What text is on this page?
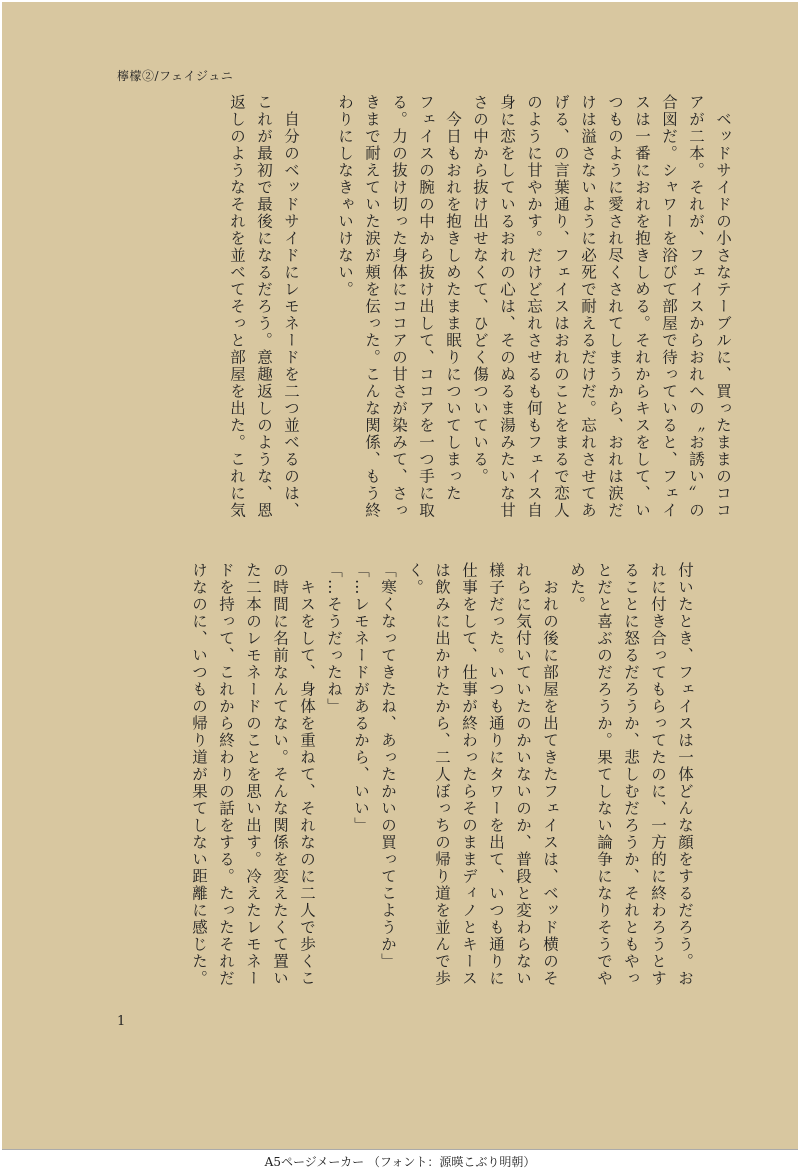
檸檬②/フェイジュニ

　ベッドサイドの小さなテーブルに、買ったままのココ

アが二本。それが、フェイスからおれへの〝お誘い〟の

合図だ。シャワーを浴びて部屋で待っていると、フェイ

スは一番におれを抱きしめる。それからキスをして、い

つものように愛され尽くされてしまうから、おれは涙だ

けは溢さないように必死で耐えるだけだ。忘れさせてあ

げる、の言葉通り、フェイスはおれのことをまるで恋人

のように甘やかす。だけど忘れさせるも何もフェイス自

身に恋をしているおれの心は、そのぬるま湯みたいな甘

さの中から抜け出せなくて、ひどく傷ついている。

　今日もおれを抱きしめたまま眠りについてしまった

フェイスの腕の中から抜け出して、ココアを一つ手に取

る。力の抜け切った身体にココアの甘さが染みて、さっ

きまで耐えていた涙が頬を伝った。こんな関係、もう終

わりにしなきゃいけない。

　自分のベッドサイドにレモネードを二つ並べるのは、

これが最初で最後になるだろう。意趣返しのような、恩

返しのようなそれを並べてそっと部屋を出た。これに気

付いたとき、フェイスは一体どんな顔をするだろう。お

れに付き合ってもらってたのに、一方的に終わろうとす

ることに怒るだろうか、悲しむだろうか、それともやっ

とだと喜ぶのだろうか。果てしない論争になりそうでや

めた。

　おれの後に部屋を出てきたフェイスは、ベッド横のそ

れらに気付いていたのかいないのか、普段と変わらない

様子だった。いつも通りにタワーを出て、いつも通りに

仕事をして、仕事が終わったらそのままディノとキース

は飲みに出かけたから、二人ぼっちの帰り道を並んで歩

く。

「寒くなってきたね、あったかいの買ってこようか」

「…レモネードがあるから、いい」

「…そうだったね」

　キスをして、身体を重ねて、それなのに二人で歩くこ

の時間に名前なんてない。そんな関係を変えたくて置い

た二本のレモネードのことを思い出す。冷えたレモネー

ドを持って、これから終わりの話をする。たったそれだ

けなのに、いつもの帰り道が果てしない距離に感じた。

1
A5ページメーカー （フォント：源暎こぶり明朝）
